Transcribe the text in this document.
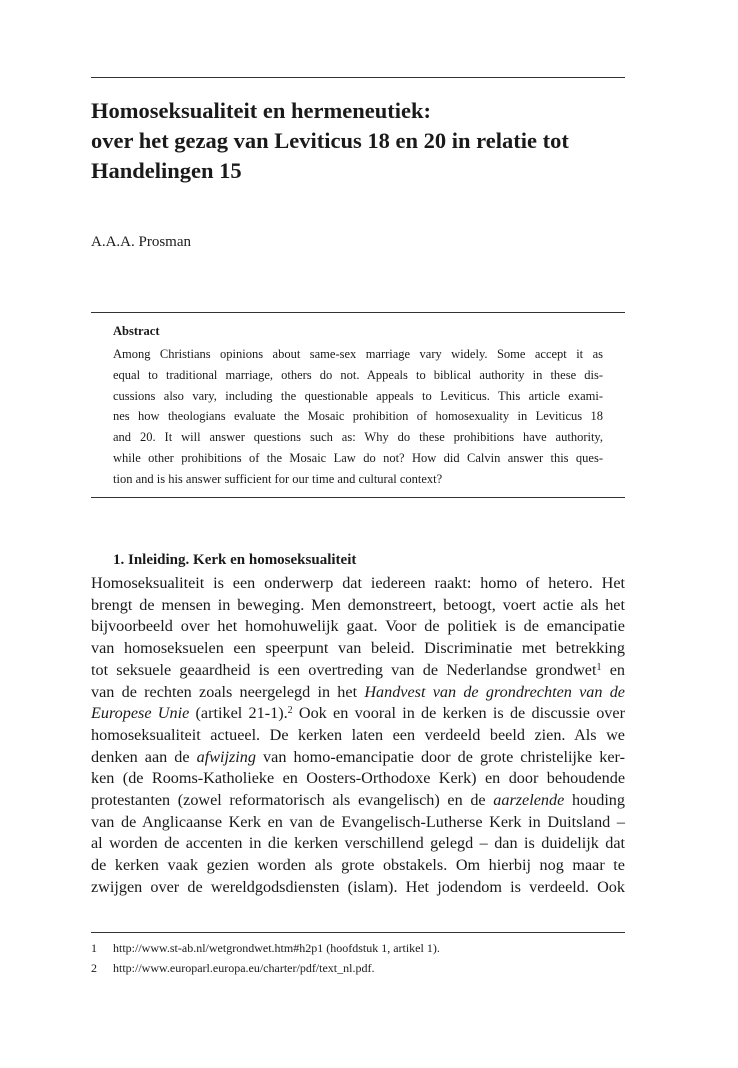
Homoseksualiteit en hermeneutiek:
over het gezag van Leviticus 18 en 20 in relatie tot
Handelingen 15
A.A.A. Prosman
Abstract
Among Christians opinions about same-sex marriage vary widely. Some accept it as
equal to traditional marriage, others do not. Appeals to biblical authority in these dis-
cussions also vary, including the questionable appeals to Leviticus. This article exami-
nes how theologians evaluate the Mosaic prohibition of homosexuality in Leviticus 18
and 20. It will answer questions such as: Why do these prohibitions have authority,
while other prohibitions of the Mosaic Law do not? How did Calvin answer this ques-
tion and is his answer sufficient for our time and cultural context?
1. Inleiding. Kerk en homoseksualiteit
Homoseksualiteit is een onderwerp dat iedereen raakt: homo of hetero. Het
brengt de mensen in beweging. Men demonstreert, betoogt, voert actie als het
bijvoorbeeld over het homohuwelijk gaat. Voor de politiek is de emancipatie
van homoseksuelen een speerpunt van beleid. Discriminatie met betrekking
tot seksuele geaardheid is een overtreding van de Nederlandse grondwet$^1$ en
van de rechten zoals neergelegd in het Handvest van de grondrechten van de
Europese Unie (artikel 21-1).$^2$ Ook en vooral in de kerken is de discussie over
homoseksualiteit actueel. De kerken laten een verdeeld beeld zien. Als we
denken aan de afwijzing van homo-emancipatie door de grote christelijke ker-
ken (de Rooms-Katholieke en Oosters-Orthodoxe Kerk) en door behoudende
protestanten (zowel reformatorisch als evangelisch) en de aarzelende houding
van de Anglicaanse Kerk en van de Evangelisch-Lutherse Kerk in Duitsland –
al worden de accenten in die kerken verschillend gelegd – dan is duidelijk dat
de kerken vaak gezien worden als grote obstakels. Om hierbij nog maar te
zwijgen over de wereldgodsdiensten (islam). Het jodendom is verdeeld. Ook
1 http://www.st-ab.nl/wetgrondwet.htm#h2p1 (hoofdstuk 1, artikel 1).
2 http://www.europarl.europa.eu/charter/pdf/text_nl.pdf.
